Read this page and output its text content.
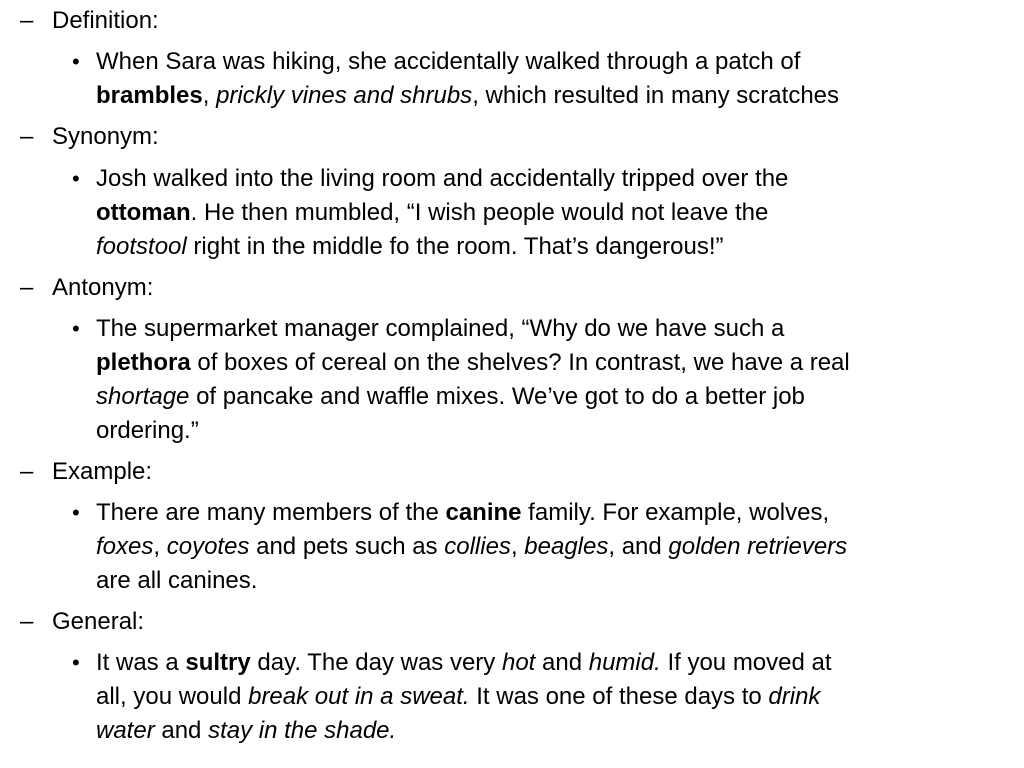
– Definition:
• When Sara was hiking, she accidentally walked through a patch of
brambles, prickly vines and shrubs, which resulted in many scratches
– Synonym:
• Josh walked into the living room and accidentally tripped over the
ottoman. He then mumbled, “I wish people would not leave the
footstool right in the middle fo the room. That’s dangerous!”
– Antonym:
• The supermarket manager complained, “Why do we have such a
plethora of boxes of cereal on the shelves? In contrast, we have a real
shortage of pancake and waffle mixes. We’ve got to do a better job
ordering.”
– Example:
• There are many members of the canine family. For example, wolves,
foxes, coyotes and pets such as collies, beagles, and golden retrievers
are all canines.
– General:
• It was a sultry day. The day was very hot and humid. If you moved at
all, you would break out in a sweat. It was one of these days to drink
water and stay in the shade.
